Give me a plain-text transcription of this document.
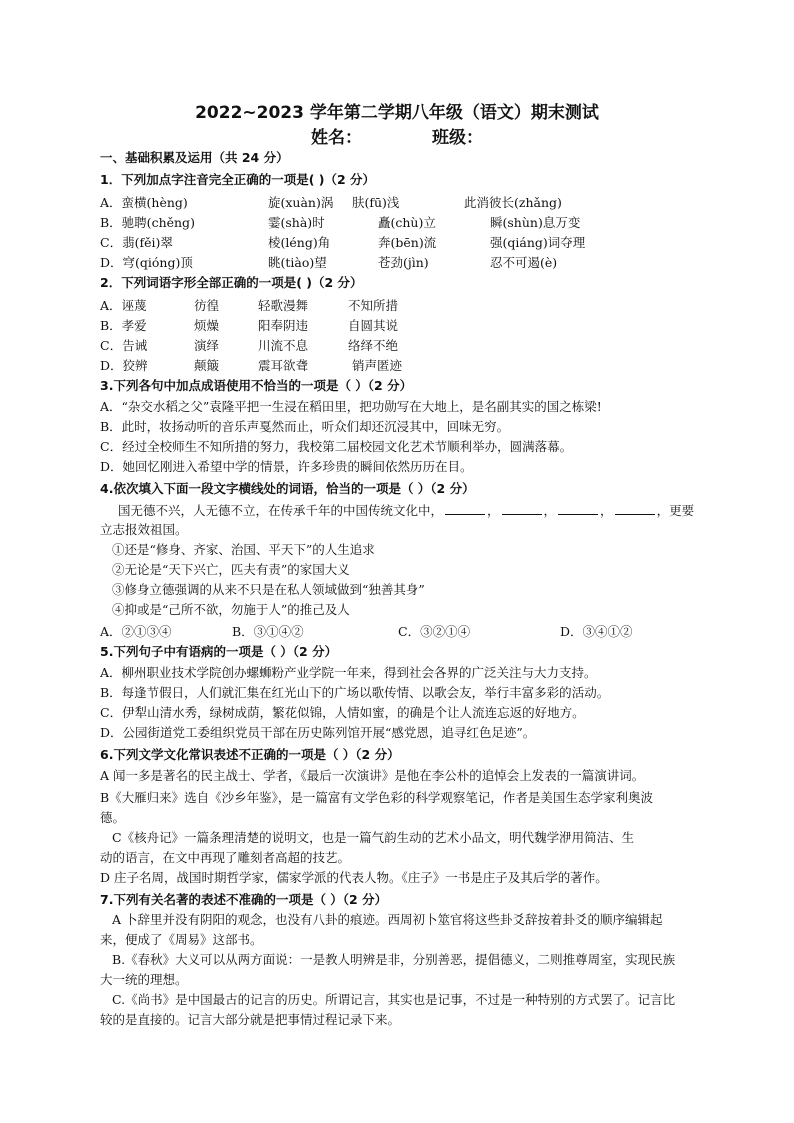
2022~2023 学年第二学期八年级（语文）期末测试
姓名：	班级：
一、基础积累及运用（共 24 分）
1．下列加点字注音完全正确的一项是( )（2 分）
A．蛮横(hèng)	旋(xuàn)涡 肤(fū)浅	此消彼长(zhǎng)
B．驰聘(chěng)	霎(shà)时	矗(chù)立	瞬(shùn)息万变
C．翡(fěi)翠	棱(léng)角	奔(bēn)流	强(qiáng)词夺理
D．穹(qióng)顶	眺(tiào)望	苍劲(jìn)	忍不可遏(è)
2．下列词语字形全部正确的一项是( )（2 分）
A．诬蔑	彷徨	轻歌漫舞	不知所措
B．孝爱	烦燥	阳奉阴违	自圆其说
C．告诫	演绎	川流不息	络绎不绝
D．狡辨	颠簸	震耳欲聋	销声匿迹
3.下列各句中加点成语使用不恰当的一项是（ ）（2 分）
A．“杂交水稻之父”袁隆平把一生浸在稻田里，把功勋写在大地上，是名副其实的国之栋梁!
B．此时，妆扬动听的音乐声戛然而止，听众们却还沉浸其中，回味无穷。
C．经过全校师生不知所措的努力，我校第二届校园文化艺术节顺利举办，圆满落幕。
D．她回忆刚进入希望中学的情景，许多珍贵的瞬间依然历历在目。
4.依次填入下面一段文字横线处的词语，恰当的一项是（ ）（2 分）
国无德不兴，人无德不立，在传承千年的中国传统文化中，	，	，	，	，更要
立志报效祖国。
①还是“修身、齐家、治国、平天下”的人生追求
②无论是“天下兴亡，匹夫有责”的家国大义
③修身立德强调的从来不只是在私人领域做到“独善其身”
④抑或是“己所不欲，勿施于人”的推己及人
A．②①③④	B．③①④②	C．③②①④	D．③④①②
5.下列句子中有语病的一项是（ ）（2 分）
A．柳州职业技术学院创办螺蛳粉产业学院一年来，得到社会各界的广泛关注与大力支持。
B．每逢节假日，人们就汇集在红光山下的广场以歌传情、以歌会友，举行丰富多彩的活动。
C．伊犁山清水秀，绿树成荫，繁花似锦，人情如蜜，的确是个让人流连忘返的好地方。
D．公园街道党工委组织党员干部在历史陈列馆开展“感党恩，追寻红色足迹”。
6.下列文学文化常识表述不正确的一项是（ ）（2 分）
A 闻一多是著名的民主战士、学者，《最后一次演讲》是他在李公朴的追悼会上发表的一篇演讲词。
B《大雁归来》选自《沙乡年鉴》，是一篇富有文学色彩的科学观察笔记，作者是美国生态学家利奥波
德。
C《核舟记》一篇条理清楚的说明文，也是一篇气韵生动的艺术小品文，明代魏学洢用简洁、生
动的语言，在文中再现了雕刻者高超的技艺。
D 庄子名周，战国时期哲学家，儒家学派的代表人物。《庄子》一书是庄子及其后学的著作。
7.下列有关名著的表述不准确的一项是（ ）（2 分）
A 卜辞里并没有阴阳的观念，也没有八卦的痕迹。西周初卜筮官将这些卦爻辞按着卦爻的顺序编辑起
来，便成了《周易》这部书。
B.《春秋》大义可以从两方面说：一是教人明辨是非，分别善恶，提倡德义，二则推尊周室，实现民族
大一统的理想。
C.《尚书》是中国最古的记言的历史。所谓记言，其实也是记事，不过是一种特别的方式罢了。记言比
较的是直接的。记言大部分就是把事情过程记录下来。
